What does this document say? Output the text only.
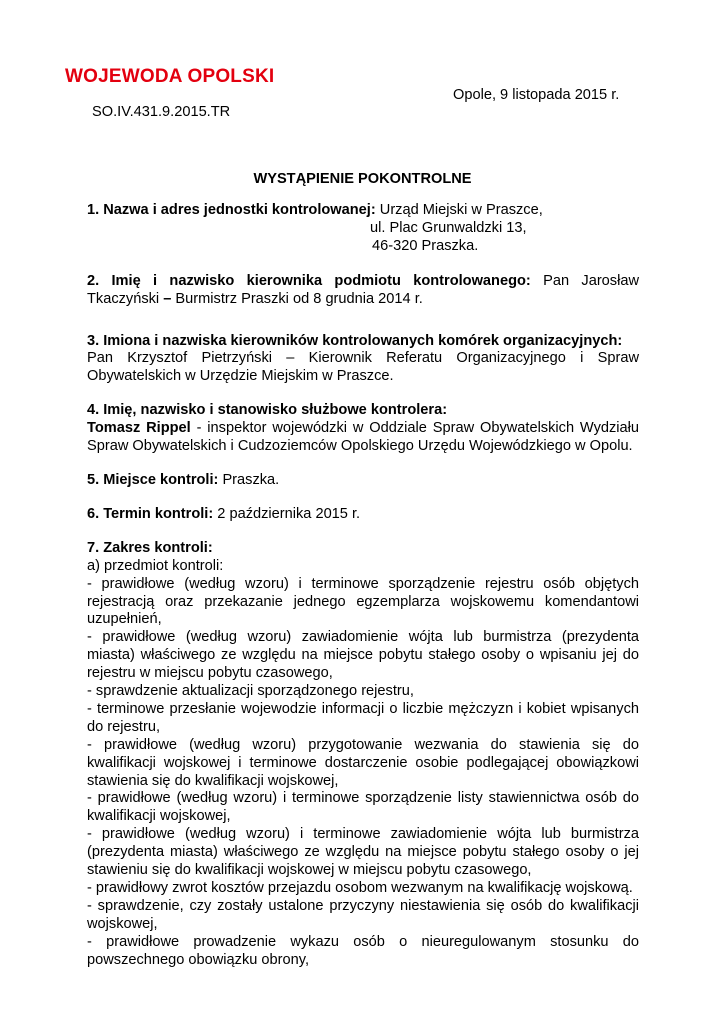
WOJEWODA OPOLSKI
Opole, 9 listopada 2015 r.
SO.IV.431.9.2015.TR
WYSTĄPIENIE POKONTROLNE

1. Nazwa i adres jednostki kontrolowanej: Urząd Miejski w Praszce,

ul. Plac Grunwaldzki 13,

46-320 Praszka.

2. Imię i nazwisko kierownika podmiotu kontrolowanego: Pan Jarosław Tkaczyński – Burmistrz Praszki od 8 grudnia 2014 r.

3. Imiona i nazwiska kierowników kontrolowanych komórek organizacyjnych:

Pan Krzysztof Pietrzyński – Kierownik Referatu Organizacyjnego i Spraw Obywatelskich w Urzędzie Miejskim w Praszce.

4. Imię, nazwisko i stanowisko służbowe kontrolera:

Tomasz Rippel - inspektor wojewódzki w Oddziale Spraw Obywatelskich Wydziału Spraw Obywatelskich i Cudzoziemców Opolskiego Urzędu Wojewódzkiego w Opolu.

5. Miejsce kontroli: Praszka.
6. Termin kontroli: 2 października 2015 r.

7. Zakres kontroli:

a) przedmiot kontroli:

- prawidłowe (według wzoru) i terminowe sporządzenie rejestru osób objętych rejestracją oraz przekazanie jednego egzemplarza wojskowemu komendantowi uzupełnień,

- prawidłowe (według wzoru) zawiadomienie wójta lub burmistrza (prezydenta miasta) właściwego ze względu na miejsce pobytu stałego osoby o wpisaniu jej do rejestru w miejscu pobytu czasowego,

- sprawdzenie aktualizacji sporządzonego rejestru,

- terminowe przesłanie wojewodzie informacji o liczbie mężczyzn i kobiet wpisanych do rejestru,

- prawidłowe (według wzoru) przygotowanie wezwania do stawienia się do kwalifikacji wojskowej i terminowe dostarczenie osobie podlegającej obowiązkowi stawienia się do kwalifikacji wojskowej,

- prawidłowe (według wzoru) i terminowe sporządzenie listy stawiennictwa osób do kwalifikacji wojskowej,

- prawidłowe (według wzoru) i terminowe zawiadomienie wójta lub burmistrza (prezydenta miasta) właściwego ze względu na miejsce pobytu stałego osoby o jej stawieniu się do kwalifikacji wojskowej w miejscu pobytu czasowego,

- prawidłowy zwrot kosztów przejazdu osobom wezwanym na kwalifikację wojskową.

- sprawdzenie, czy zostały ustalone przyczyny niestawienia się osób do kwalifikacji wojskowej,

- prawidłowe prowadzenie wykazu osób o nieuregulowanym stosunku do powszechnego obowiązku obrony,
